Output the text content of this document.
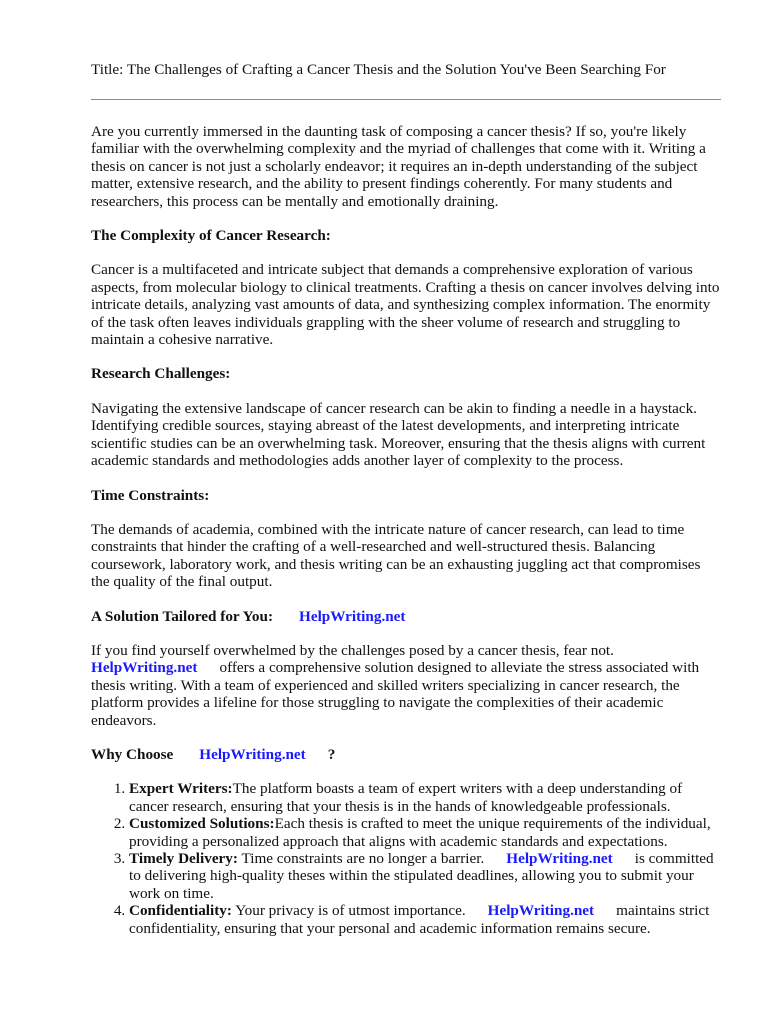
Title: The Challenges of Crafting a Cancer Thesis and the Solution You've Been Searching For

Are you currently immersed in the daunting task of composing a cancer thesis? If so, you're likely familiar with the overwhelming complexity and the myriad of challenges that come with it. Writing a thesis on cancer is not just a scholarly endeavor; it requires an in-depth understanding of the subject matter, extensive research, and the ability to present findings coherently. For many students and researchers, this process can be mentally and emotionally draining.

The Complexity of Cancer Research:

Cancer is a multifaceted and intricate subject that demands a comprehensive exploration of various aspects, from molecular biology to clinical treatments. Crafting a thesis on cancer involves delving into intricate details, analyzing vast amounts of data, and synthesizing complex information. The enormity of the task often leaves individuals grappling with the sheer volume of research and struggling to maintain a cohesive narrative.

Research Challenges:

Navigating the extensive landscape of cancer research can be akin to finding a needle in a haystack. Identifying credible sources, staying abreast of the latest developments, and interpreting intricate scientific studies can be an overwhelming task. Moreover, ensuring that the thesis aligns with current academic standards and methodologies adds another layer of complexity to the process.

Time Constraints:

The demands of academia, combined with the intricate nature of cancer research, can lead to time constraints that hinder the crafting of a well-researched and well-structured thesis. Balancing coursework, laboratory work, and thesis writing can be an exhausting juggling act that compromises the quality of the final output.

A Solution Tailored for You: HelpWriting.net

If you find yourself overwhelmed by the challenges posed by a cancer thesis, fear not.
HelpWriting.net offers a comprehensive solution designed to alleviate the stress associated with thesis writing. With a team of experienced and skilled writers specializing in cancer research, the platform provides a lifeline for those struggling to navigate the complexities of their academic endeavors.

Why Choose HelpWriting.net ?
1. Expert Writers:The platform boasts a team of expert writers with a deep understanding of cancer research, ensuring that your thesis is in the hands of knowledgeable professionals.
2. Customized Solutions:Each thesis is crafted to meet the unique requirements of the individual, providing a personalized approach that aligns with academic standards and expectations.
3. Timely Delivery: Time constraints are no longer a barrier. HelpWriting.net is committed to delivering high-quality theses within the stipulated deadlines, allowing you to submit your work on time.
4. Confidentiality: Your privacy is of utmost importance. HelpWriting.net maintains strict confidentiality, ensuring that your personal and academic information remains secure.
